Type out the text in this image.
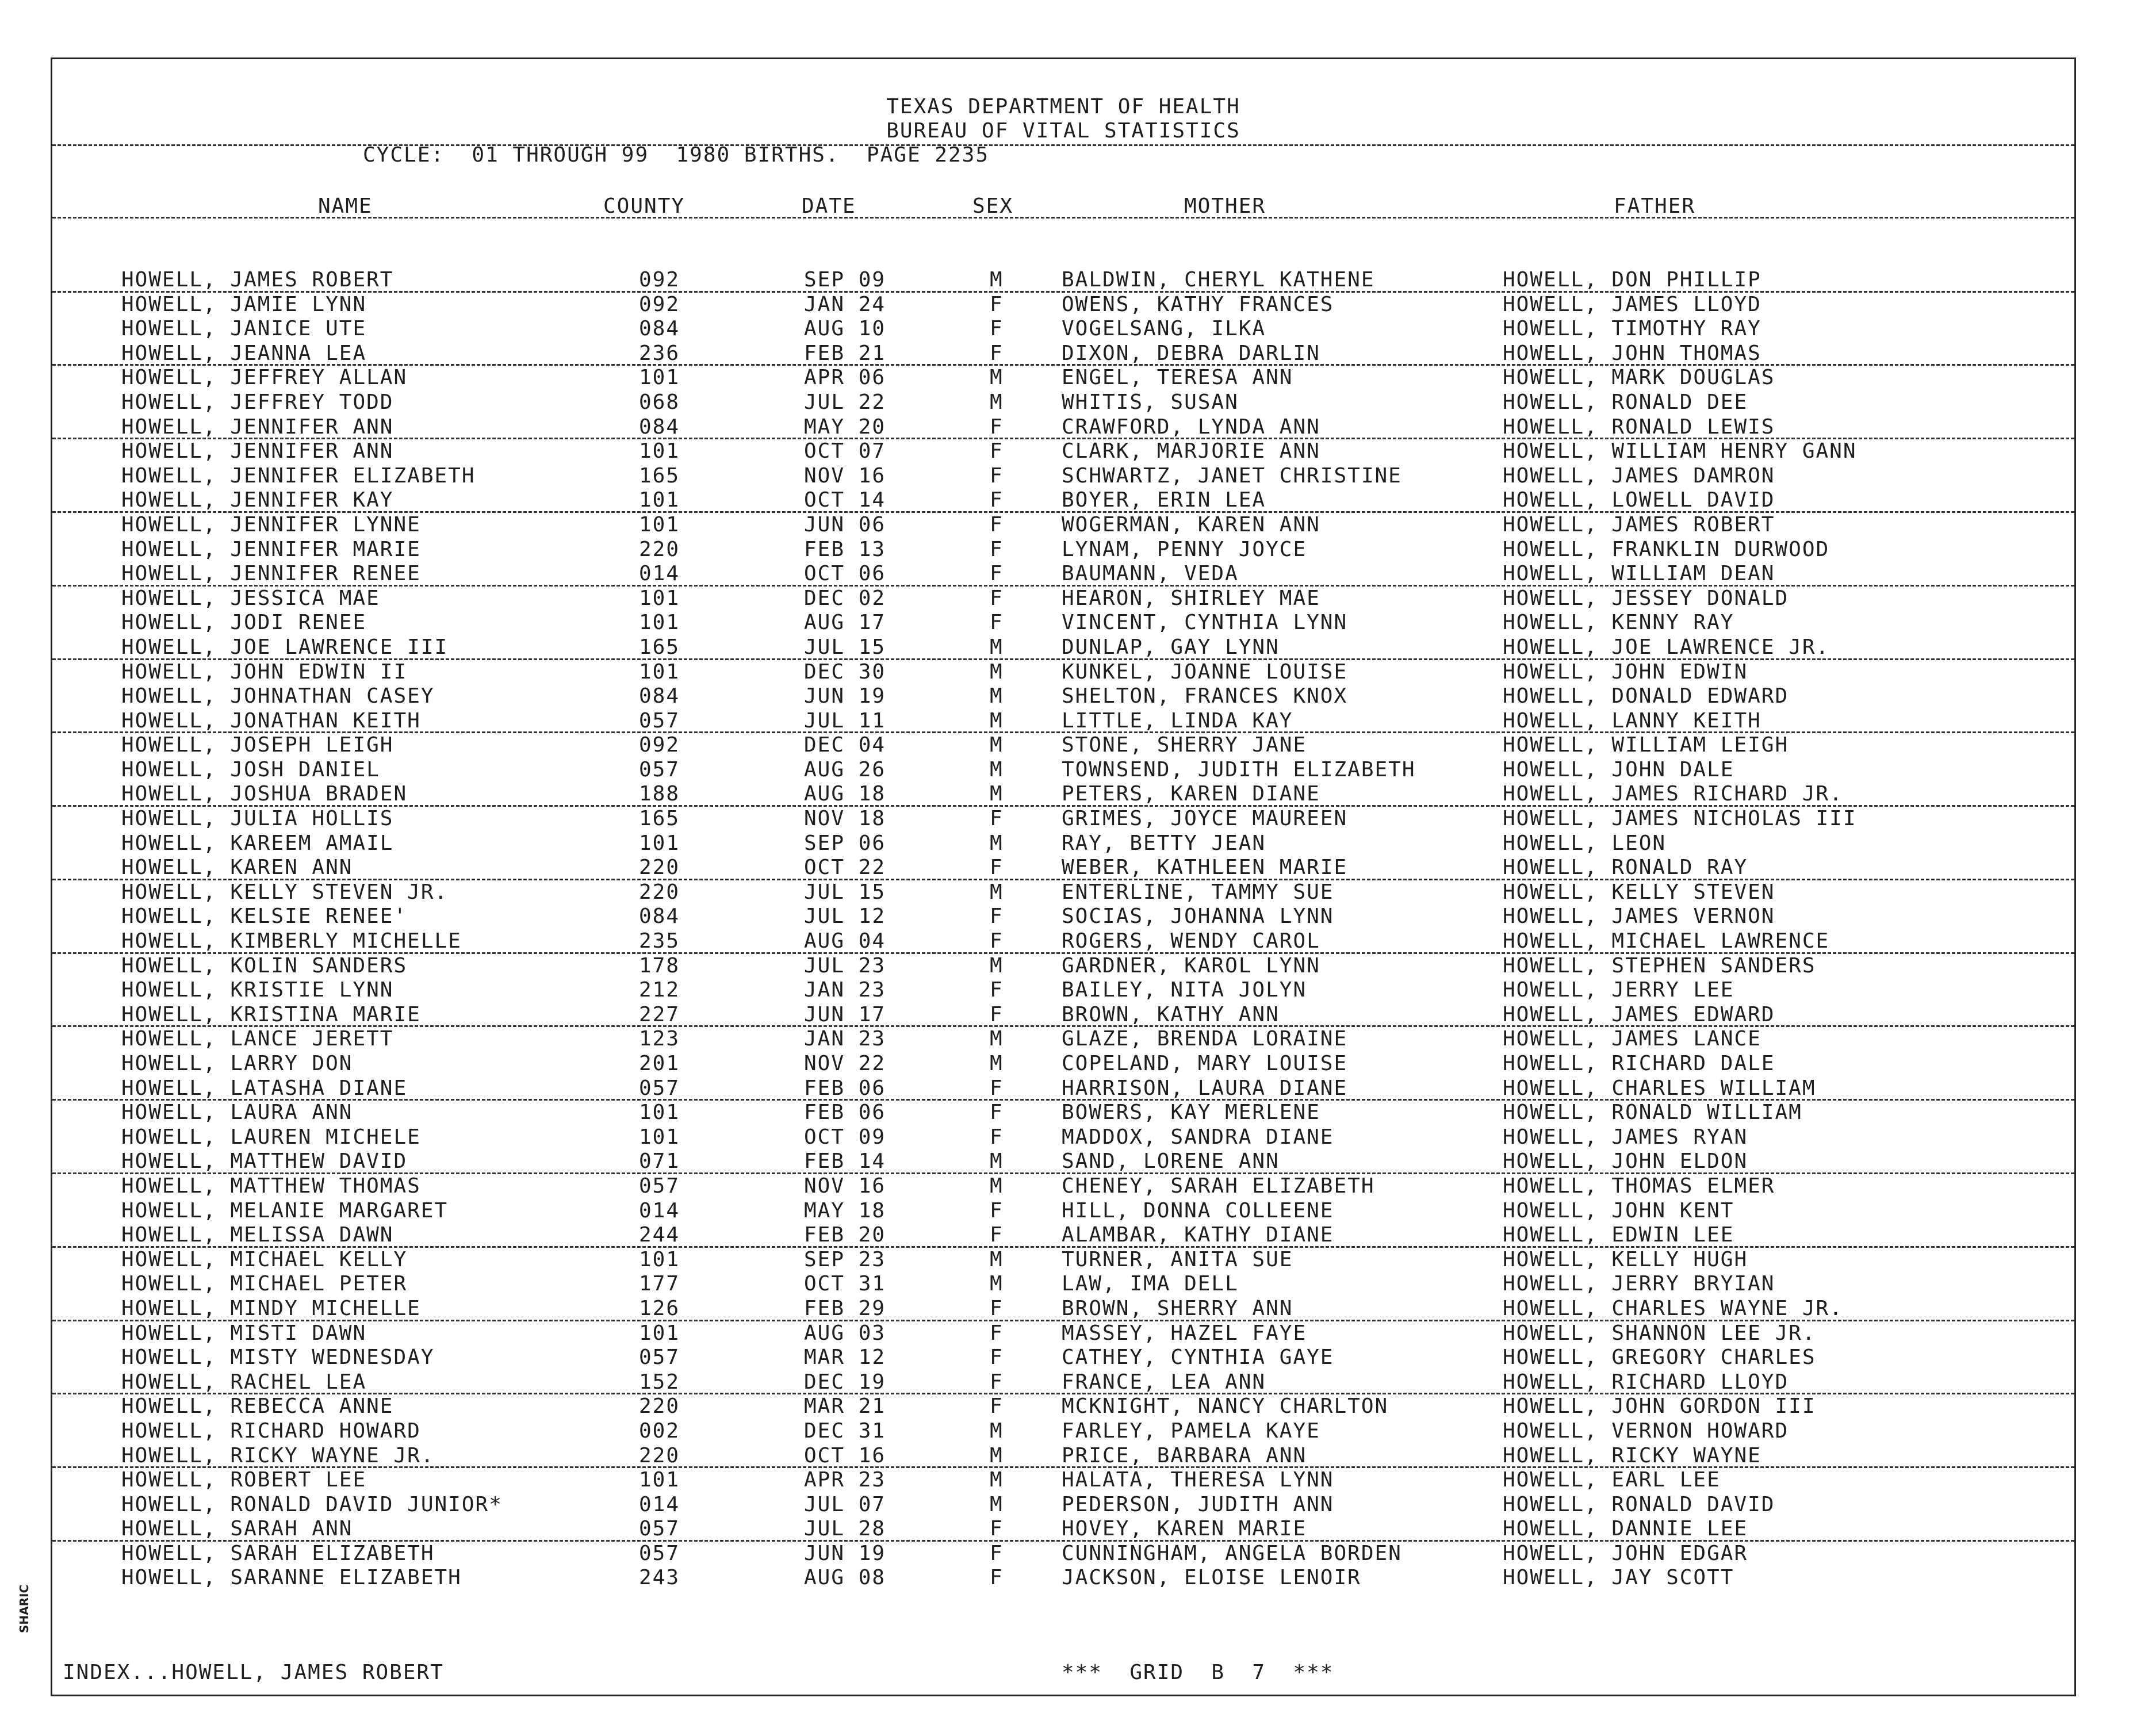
SHARIC
TEXAS DEPARTMENT OF HEALTH
BUREAU OF VITAL STATISTICS
CYCLE:  01 THROUGH 99  1980 BIRTHS.  PAGE 2235
NAME	COUNTY	DATE	SEX	MOTHER	FATHER
HOWELL, JAMES ROBERT	092	SEP 09	M	BALDWIN, CHERYL KATHENE	HOWELL, DON PHILLIP
HOWELL, JAMIE LYNN	092	JAN 24	F	OWENS, KATHY FRANCES	HOWELL, JAMES LLOYD
HOWELL, JANICE UTE	084	AUG 10	F	VOGELSANG, ILKA	HOWELL, TIMOTHY RAY
HOWELL, JEANNA LEA	236	FEB 21	F	DIXON, DEBRA DARLIN	HOWELL, JOHN THOMAS
HOWELL, JEFFREY ALLAN	101	APR 06	M	ENGEL, TERESA ANN	HOWELL, MARK DOUGLAS
HOWELL, JEFFREY TODD	068	JUL 22	M	WHITIS, SUSAN	HOWELL, RONALD DEE
HOWELL, JENNIFER ANN	084	MAY 20	F	CRAWFORD, LYNDA ANN	HOWELL, RONALD LEWIS
HOWELL, JENNIFER ANN	101	OCT 07	F	CLARK, MARJORIE ANN	HOWELL, WILLIAM HENRY GANN
HOWELL, JENNIFER ELIZABETH	165	NOV 16	F	SCHWARTZ, JANET CHRISTINE	HOWELL, JAMES DAMRON
HOWELL, JENNIFER KAY	101	OCT 14	F	BOYER, ERIN LEA	HOWELL, LOWELL DAVID
HOWELL, JENNIFER LYNNE	101	JUN 06	F	WOGERMAN, KAREN ANN	HOWELL, JAMES ROBERT
HOWELL, JENNIFER MARIE	220	FEB 13	F	LYNAM, PENNY JOYCE	HOWELL, FRANKLIN DURWOOD
HOWELL, JENNIFER RENEE	014	OCT 06	F	BAUMANN, VEDA	HOWELL, WILLIAM DEAN
HOWELL, JESSICA MAE	101	DEC 02	F	HEARON, SHIRLEY MAE	HOWELL, JESSEY DONALD
HOWELL, JODI RENEE	101	AUG 17	F	VINCENT, CYNTHIA LYNN	HOWELL, KENNY RAY
HOWELL, JOE LAWRENCE III	165	JUL 15	M	DUNLAP, GAY LYNN	HOWELL, JOE LAWRENCE JR.
HOWELL, JOHN EDWIN II	101	DEC 30	M	KUNKEL, JOANNE LOUISE	HOWELL, JOHN EDWIN
HOWELL, JOHNATHAN CASEY	084	JUN 19	M	SHELTON, FRANCES KNOX	HOWELL, DONALD EDWARD
HOWELL, JONATHAN KEITH	057	JUL 11	M	LITTLE, LINDA KAY	HOWELL, LANNY KEITH
HOWELL, JOSEPH LEIGH	092	DEC 04	M	STONE, SHERRY JANE	HOWELL, WILLIAM LEIGH
HOWELL, JOSH DANIEL	057	AUG 26	M	TOWNSEND, JUDITH ELIZABETH	HOWELL, JOHN DALE
HOWELL, JOSHUA BRADEN	188	AUG 18	M	PETERS, KAREN DIANE	HOWELL, JAMES RICHARD JR.
HOWELL, JULIA HOLLIS	165	NOV 18	F	GRIMES, JOYCE MAUREEN	HOWELL, JAMES NICHOLAS III
HOWELL, KAREEM AMAIL	101	SEP 06	M	RAY, BETTY JEAN	HOWELL, LEON
HOWELL, KAREN ANN	220	OCT 22	F	WEBER, KATHLEEN MARIE	HOWELL, RONALD RAY
HOWELL, KELLY STEVEN JR.	220	JUL 15	M	ENTERLINE, TAMMY SUE	HOWELL, KELLY STEVEN
HOWELL, KELSIE RENEE'	084	JUL 12	F	SOCIAS, JOHANNA LYNN	HOWELL, JAMES VERNON
HOWELL, KIMBERLY MICHELLE	235	AUG 04	F	ROGERS, WENDY CAROL	HOWELL, MICHAEL LAWRENCE
HOWELL, KOLIN SANDERS	178	JUL 23	M	GARDNER, KAROL LYNN	HOWELL, STEPHEN SANDERS
HOWELL, KRISTIE LYNN	212	JAN 23	F	BAILEY, NITA JOLYN	HOWELL, JERRY LEE
HOWELL, KRISTINA MARIE	227	JUN 17	F	BROWN, KATHY ANN	HOWELL, JAMES EDWARD
HOWELL, LANCE JERETT	123	JAN 23	M	GLAZE, BRENDA LORAINE	HOWELL, JAMES LANCE
HOWELL, LARRY DON	201	NOV 22	M	COPELAND, MARY LOUISE	HOWELL, RICHARD DALE
HOWELL, LATASHA DIANE	057	FEB 06	F	HARRISON, LAURA DIANE	HOWELL, CHARLES WILLIAM
HOWELL, LAURA ANN	101	FEB 06	F	BOWERS, KAY MERLENE	HOWELL, RONALD WILLIAM
HOWELL, LAUREN MICHELE	101	OCT 09	F	MADDOX, SANDRA DIANE	HOWELL, JAMES RYAN
HOWELL, MATTHEW DAVID	071	FEB 14	M	SAND, LORENE ANN	HOWELL, JOHN ELDON
HOWELL, MATTHEW THOMAS	057	NOV 16	M	CHENEY, SARAH ELIZABETH	HOWELL, THOMAS ELMER
HOWELL, MELANIE MARGARET	014	MAY 18	F	HILL, DONNA COLLEENE	HOWELL, JOHN KENT
HOWELL, MELISSA DAWN	244	FEB 20	F	ALAMBAR, KATHY DIANE	HOWELL, EDWIN LEE
HOWELL, MICHAEL KELLY	101	SEP 23	M	TURNER, ANITA SUE	HOWELL, KELLY HUGH
HOWELL, MICHAEL PETER	177	OCT 31	M	LAW, IMA DELL	HOWELL, JERRY BRYIAN
HOWELL, MINDY MICHELLE	126	FEB 29	F	BROWN, SHERRY ANN	HOWELL, CHARLES WAYNE JR.
HOWELL, MISTI DAWN	101	AUG 03	F	MASSEY, HAZEL FAYE	HOWELL, SHANNON LEE JR.
HOWELL, MISTY WEDNESDAY	057	MAR 12	F	CATHEY, CYNTHIA GAYE	HOWELL, GREGORY CHARLES
HOWELL, RACHEL LEA	152	DEC 19	F	FRANCE, LEA ANN	HOWELL, RICHARD LLOYD
HOWELL, REBECCA ANNE	220	MAR 21	F	MCKNIGHT, NANCY CHARLTON	HOWELL, JOHN GORDON III
HOWELL, RICHARD HOWARD	002	DEC 31	M	FARLEY, PAMELA KAYE	HOWELL, VERNON HOWARD
HOWELL, RICKY WAYNE JR.	220	OCT 16	M	PRICE, BARBARA ANN	HOWELL, RICKY WAYNE
HOWELL, ROBERT LEE	101	APR 23	M	HALATA, THERESA LYNN	HOWELL, EARL LEE
HOWELL, RONALD DAVID JUNIOR*	014	JUL 07	M	PEDERSON, JUDITH ANN	HOWELL, RONALD DAVID
HOWELL, SARAH ANN	057	JUL 28	F	HOVEY, KAREN MARIE	HOWELL, DANNIE LEE
HOWELL, SARAH ELIZABETH	057	JUN 19	F	CUNNINGHAM, ANGELA BORDEN	HOWELL, JOHN EDGAR
HOWELL, SARANNE ELIZABETH	243	AUG 08	F	JACKSON, ELOISE LENOIR	HOWELL, JAY SCOTT
INDEX...HOWELL, JAMES ROBERT	***  GRID  B  7  ***
